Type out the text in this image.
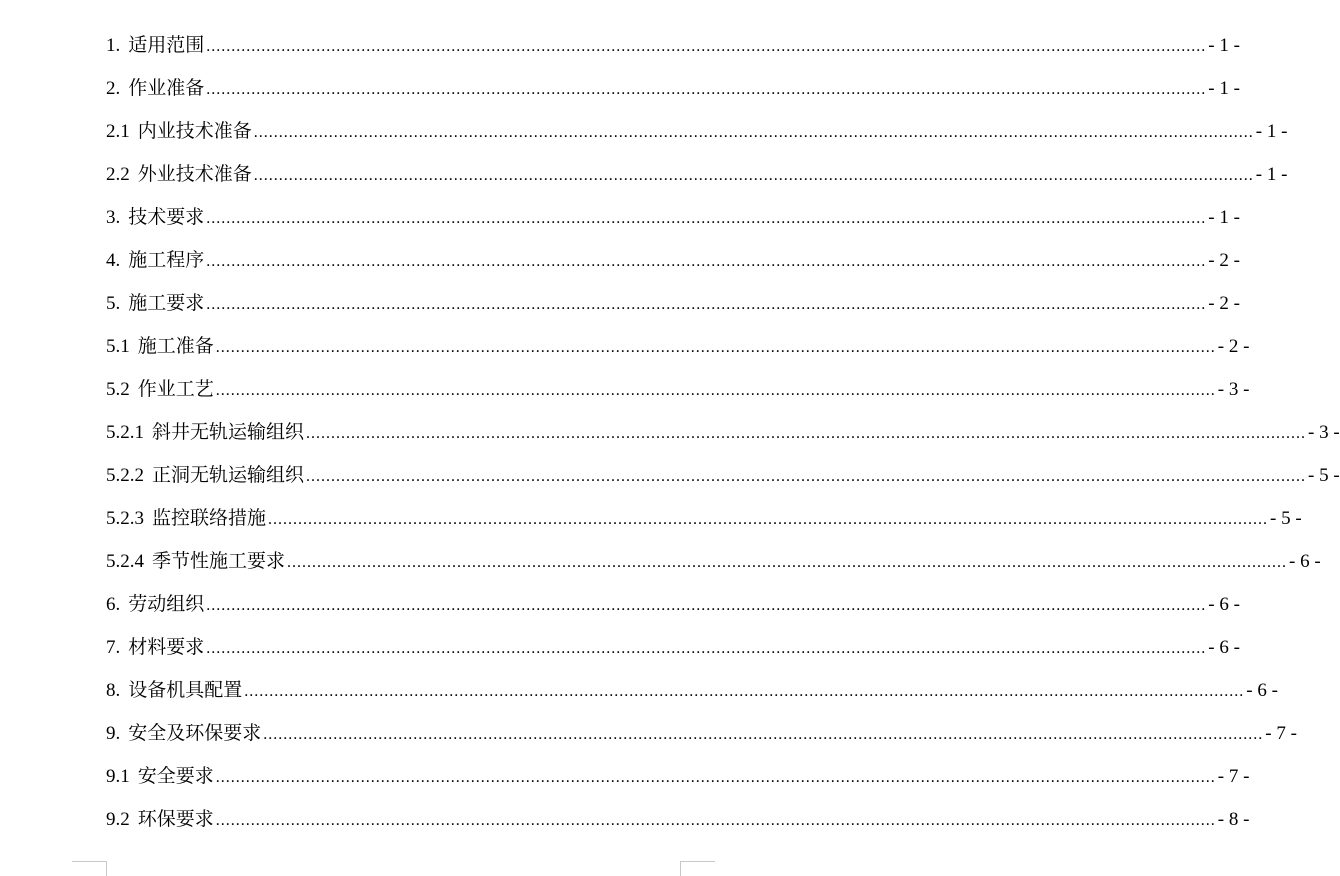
1. 适用范围 ........................................................................................................................................................................................................ - 1 -
2. 作业准备 ........................................................................................................................................................................................................ - 1 -
2.1 内业技术准备 ........................................................................................................................................................................................................ - 1 -
2.2 外业技术准备 ........................................................................................................................................................................................................ - 1 -
3. 技术要求 ........................................................................................................................................................................................................ - 1 -
4. 施工程序 ........................................................................................................................................................................................................ - 2 -
5. 施工要求 ........................................................................................................................................................................................................ - 2 -
5.1 施工准备 ........................................................................................................................................................................................................ - 2 -
5.2 作业工艺 ........................................................................................................................................................................................................ - 3 -
5.2.1 斜井无轨运输组织 ........................................................................................................................................................................................................ - 3 -
5.2.2 正洞无轨运输组织 ........................................................................................................................................................................................................ - 5 -
5.2.3 监控联络措施 ........................................................................................................................................................................................................ - 5 -
5.2.4 季节性施工要求 ........................................................................................................................................................................................................ - 6 -
6. 劳动组织 ........................................................................................................................................................................................................ - 6 -
7. 材料要求 ........................................................................................................................................................................................................ - 6 -
8. 设备机具配置 ........................................................................................................................................................................................................ - 6 -
9. 安全及环保要求 ........................................................................................................................................................................................................ - 7 -
9.1 安全要求 ........................................................................................................................................................................................................ - 7 -
9.2 环保要求 ........................................................................................................................................................................................................ - 8 -
